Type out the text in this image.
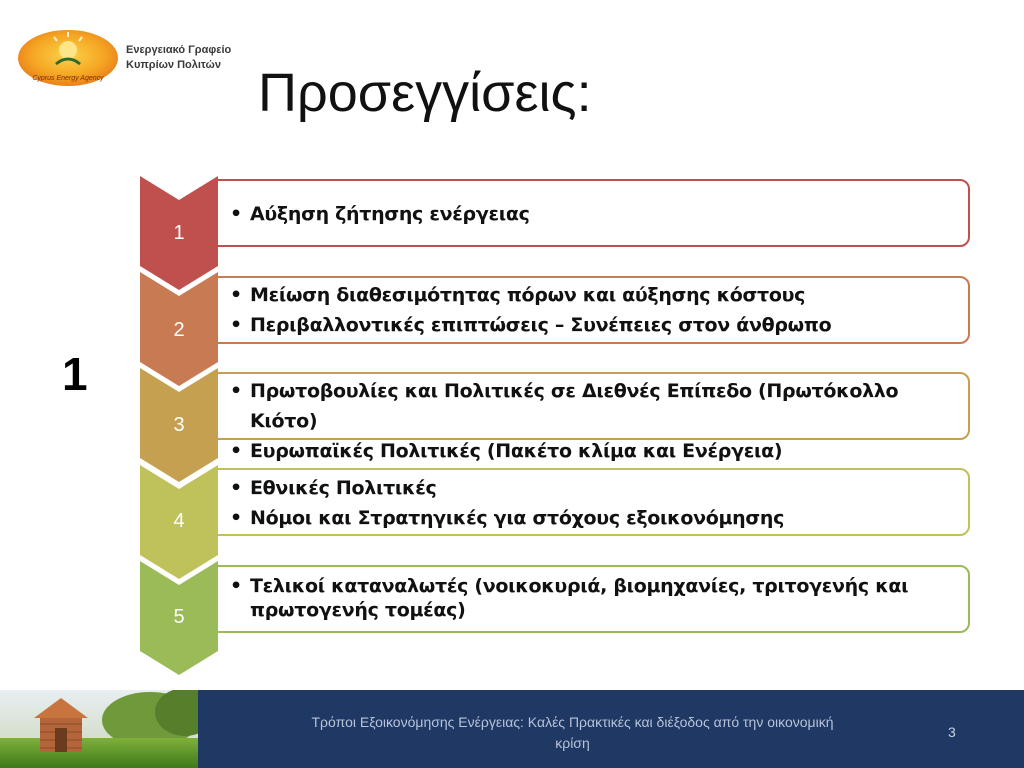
Cyprus Energy Agency
Ενεργειακό Γραφείο
Κυπρίων Πολιτών Προσεγγίσεις:
1
1
• Αύξηση ζήτησης ενέργειας
2
• Μείωση διαθεσιμότητας πόρων και αύξησης κόστους
• Περιβαλλοντικές επιπτώσεις – Συνέπειες στον άνθρωπο
3
• Πρωτοβουλίες και Πολιτικές σε Διεθνές Επίπεδο (Πρωτόκολλο Κιότο)
• Ευρωπαϊκές Πολιτικές (Πακέτο κλίμα και Ενέργεια)
4
• Εθνικές Πολιτικές
• Νόμοι και Στρατηγικές για στόχους εξοικονόμησης
5
• Τελικοί καταναλωτές (νοικοκυριά, βιομηχανίες, τριτογενής και πρωτογενής τομέας)
Τρόποι Εξοικονόμησης Ενέργειας: Καλές Πρακτικές και διέξοδος από την οικονομική κρίση
3
